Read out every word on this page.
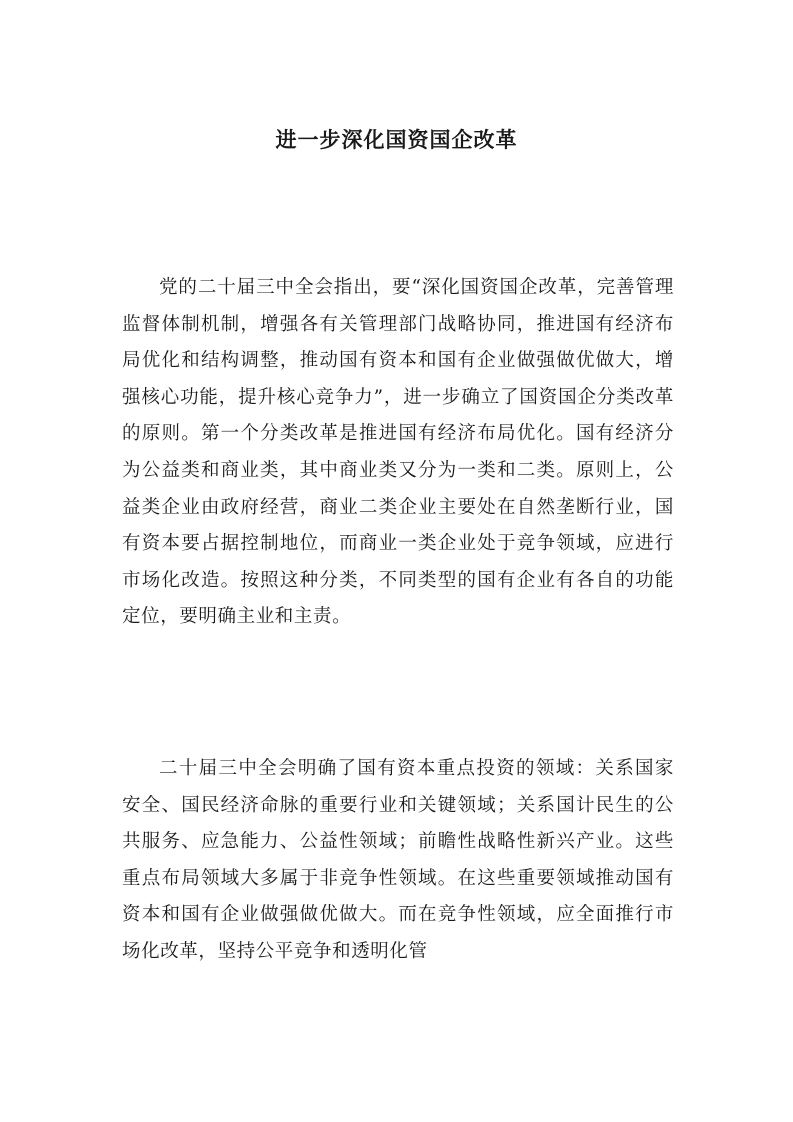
进一步深化国资国企改革

党的二十届三中全会指出，要“深化国资国企改革，完善管理监督体制机制，增强各有关管理部门战略协同，推进国有经济布局优化和结构调整，推动国有资本和国有企业做强做优做大，增强核心功能，提升核心竞争力”，进一步确立了国资国企分类改革的原则。第一个分类改革是推进国有经济布局优化。国有经济分为公益类和商业类，其中商业类又分为一类和二类。原则上，公益类企业由政府经营，商业二类企业主要处在自然垄断行业，国有资本要占据控制地位，而商业一类企业处于竞争领域，应进行市场化改造。按照这种分类，不同类型的国有企业有各自的功能定位，要明确主业和主责。

二十届三中全会明确了国有资本重点投资的领域：关系国家安全、国民经济命脉的重要行业和关键领域；关系国计民生的公共服务、应急能力、公益性领域；前瞻性战略性新兴产业。这些重点布局领域大多属于非竞争性领域。在这些重要领域推动国有资本和国有企业做强做优做大。而在竞争性领域，应全面推行市场化改革，坚持公平竞争和透明化管
